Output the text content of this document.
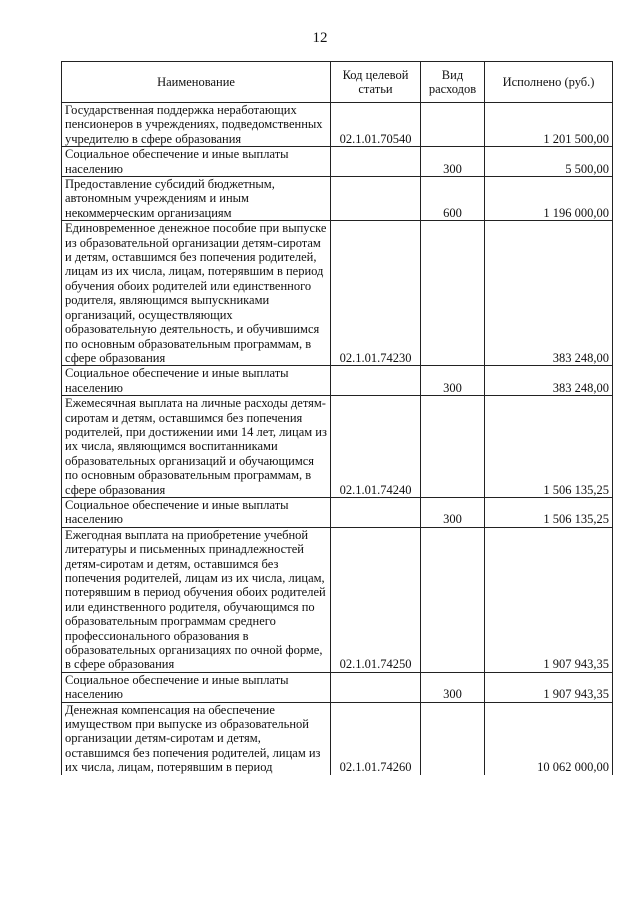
12
Наименование	Код целевой статьи	Вид расходов	Исполнено (руб.)
Государственная поддержка неработающих пенсионеров в учреждениях, подведомственных учредителю в сфере образования	02.1.01.70540		1 201 500,00
Социальное обеспечение и иные выплаты населению		300	5 500,00
Предоставление субсидий бюджетным, автономным учреждениям и иным некоммерческим организациям		600	1 196 000,00
Единовременное денежное пособие при выпуске из образовательной организации детям-сиротам и детям, оставшимся без попечения родителей, лицам из их числа, лицам, потерявшим в период обучения обоих родителей или единственного родителя, являющимся выпускниками организаций, осуществляющих образовательную деятельность, и обучившимся по основным образовательным программам, в сфере образования	02.1.01.74230		383 248,00
Социальное обеспечение и иные выплаты населению		300	383 248,00
Ежемесячная выплата на личные расходы детям-сиротам и детям, оставшимся без попечения родителей, при достижении ими 14 лет, лицам из их числа, являющимся воспитанниками образовательных организаций и обучающимся по основным образовательным программам, в сфере образования	02.1.01.74240		1 506 135,25
Социальное обеспечение и иные выплаты населению		300	1 506 135,25
Ежегодная выплата на приобретение учебной литературы и письменных принадлежностей детям-сиротам и детям, оставшимся без попечения родителей, лицам из их числа, лицам, потерявшим в период обучения обоих родителей или единственного родителя, обучающимся по образовательным программам среднего профессионального образования в образовательных организациях по очной форме, в сфере образования	02.1.01.74250		1 907 943,35
Социальное обеспечение и иные выплаты населению		300	1 907 943,35
Денежная компенсация на обеспечение имуществом при выпуске из образовательной организации детям-сиротам и детям, оставшимся без попечения родителей, лицам из их числа, лицам, потерявшим в период	02.1.01.74260		10 062 000,00
